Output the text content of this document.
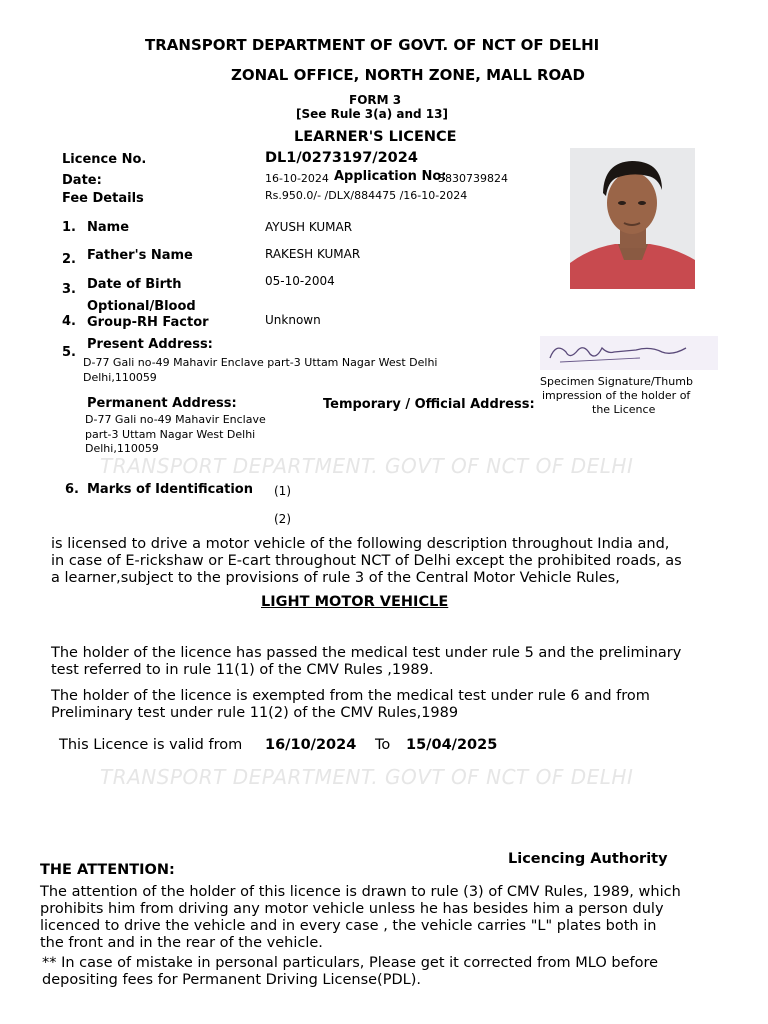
TRANSPORT DEPARTMENT. GOVT OF NCT OF DELHI
TRANSPORT DEPARTMENT. GOVT OF NCT OF DELHI
TRANSPORT DEPARTMENT OF GOVT. OF NCT OF DELHI
ZONAL OFFICE, NORTH ZONE, MALL ROAD
FORM 3
[See Rule 3(a) and 13]
LEARNER'S LICENCE
Licence No.	DL1/0273197/2024
Date:	16-10-2024 Application No:
3830739824
Fee Details	Rs.950.0/- /DLX/884475 /16-10-2024
1. Name	AYUSH KUMAR
2. Father's Name	RAKESH KUMAR
3. Date of Birth	05-10-2004
4.
Optional/Blood
Group-RH Factor	Unknown
5.
Present Address:
D-77 Gali no-49 Mahavir Enclave part-3 Uttam Nagar West Delhi
Delhi,110059	Specimen Signature/Thumb
impression of the holder of
the Licence
Permanent Address:	Temporary / Official Address:
D-77 Gali no-49 Mahavir Enclave
part-3 Uttam Nagar West Delhi
Delhi,110059
6. Marks of Identification (1)
(2)
is licensed to drive a motor vehicle of the following description throughout India and,
in case of E-rickshaw or E-cart throughout NCT of Delhi except the prohibited roads, as
a learner,subject to the provisions of rule 3 of the Central Motor Vehicle Rules,
LIGHT MOTOR VEHICLE
The holder of the licence has passed the medical test under rule 5 and the preliminary
test referred to in rule 11(1) of the CMV Rules ,1989.
The holder of the licence is exempted from the medical test under rule 6 and from
Preliminary test under rule 11(2) of the CMV Rules,1989
This Licence is valid from 16/10/2024 To 15/04/2025
Licencing Authority
THE ATTENTION:
The attention of the holder of this licence is drawn to rule (3) of CMV Rules, 1989, which
prohibits him from driving any motor vehicle unless he has besides him a person duly
licenced to drive the vehicle and in every case , the vehicle carries "L" plates both in
the front and in the rear of the vehicle.
** In case of mistake in personal particulars, Please get it corrected from MLO before
depositing fees for Permanent Driving License(PDL).
